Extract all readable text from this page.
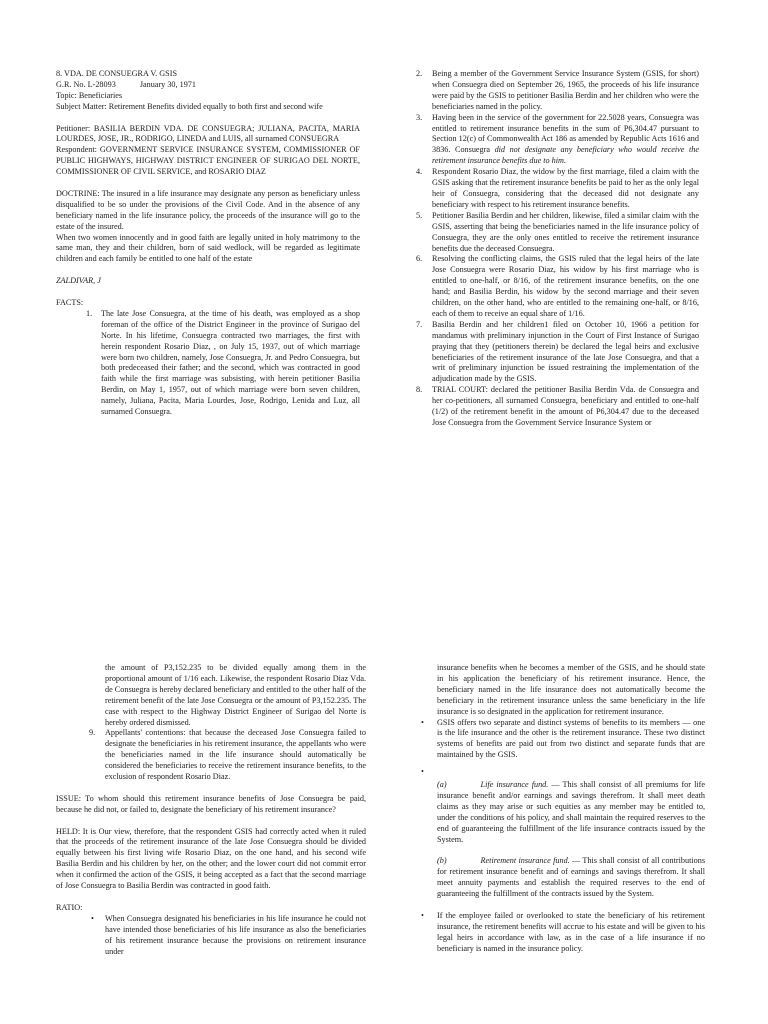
8. VDA. DE CONSUEGRA V. GSIS

G.R. No. L-28093	January 30, 1971

Topic: Beneficiaries

Subject Matter: Retirement Benefits divided equally to both first and second wife

Petitioner: BASILIA BERDIN VDA. DE CONSUEGRA; JULIANA, PACITA, MARIA LOURDES, JOSE, JR., RODRIGO, LINEDA and LUIS, all surnamed CONSUEGRA

Respondent: GOVERNMENT SERVICE INSURANCE SYSTEM, COMMISSIONER OF PUBLIC HIGHWAYS, HIGHWAY DISTRICT ENGINEER OF SURIGAO DEL NORTE, COMMISSIONER OF CIVIL SERVICE, and ROSARIO DIAZ

DOCTRINE: The insured in a life insurance may designate any person as beneficiary unless disqualified to be so under the provisions of the Civil Code. And in the absence of any beneficiary named in the life insurance policy, the proceeds of the insurance will go to the estate of the insured.

When two women innocently and in good faith are legally united in holy matrimony to the same man, they and their children, born of said wedlock, will be regarded as legitimate children and each family be entitled to one half of the estate

ZALDIVAR, J

FACTS:

1. The late Jose Consuegra, at the time of his death, was employed as a shop foreman of the office of the District Engineer in the province of Surigao del Norte. In his lifetime, Consuegra contracted two marriages, the first with herein respondent Rosario Diaz, , on July 15, 1937, out of which marriage were born two children, namely, Jose Consuegra, Jr. and Pedro Consuegra, but both predeceased their father; and the second, which was contracted in good faith while the first marriage was subsisting, with herein petitioner Basilia Berdin, on May 1, 1957, out of which marriage were born seven children, namely, Juliana, Pacita, Maria Lourdes, Jose, Rodrigo, Lenida and Luz, all surnamed Consuegra.
2. Being a member of the Government Service Insurance System (GSIS, for short) when Consuegra died on September 26, 1965, the proceeds of his life insurance were paid by the GSIS to petitioner Basilia Berdin and her children who were the beneficiaries named in the policy.
3. Having been in the service of the government for 22.5028 years, Consuegra was entitled to retirement insurance benefits in the sum of P6,304.47 pursuant to Section 12(c) of Commonwealth Act 186 as amended by Republic Acts 1616 and 3836. Consuegra did not designate any beneficiary who would receive the retirement insurance benefits due to him.
4. Respondent Rosario Diaz, the widow by the first marriage, filed a claim with the GSIS asking that the retirement insurance benefits be paid to her as the only legal heir of Consuegra, considering that the deceased did not designate any beneficiary with respect to his retirement insurance benefits.
5. Petitioner Basilia Berdin and her children, likewise, filed a similar claim with the GSIS, asserting that being the beneficiaries named in the life insurance policy of Consuegra, they are the only ones entitled to receive the retirement insurance benefits due the deceased Consuegra.
6. Resolving the conflicting claims, the GSIS ruled that the legal heirs of the late Jose Consuegra were Rosario Diaz, his widow by his first marriage who is entitled to one-half, or 8/16, of the retirement insurance benefits, on the one hand; and Basilia Berdin, his widow by the second marriage and their seven children, on the other hand, who are entitled to the remaining one-half, or 8/16, each of them to receive an equal share of 1/16.
7. Basilia Berdin and her children1 filed on October 10, 1966 a petition for mandamus with preliminary injunction in the Court of First Instance of Surigao praying that they (petitioners therein) be declared the legal heirs and exclusive beneficiaries of the retirement insurance of the late Jose Consuegra, and that a writ of preliminary injunction be issued restraining the implementation of the adjudication made by the GSIS.
8. TRIAL COURT: declared the petitioner Basilia Berdin Vda. de Consuegra and her co-petitioners, all surnamed Consuegra, beneficiary and entitled to one-half (1/2) of the retirement benefit in the amount of P6,304.47 due to the deceased Jose Consuegra from the Government Service Insurance System or

the amount of P3,152.235 to be divided equally among them in the proportional amount of 1/16 each. Likewise, the respondent Rosario Diaz Vda. de Consuegra is hereby declared beneficiary and entitled to the other half of the retirement benefit of the late Jose Consuegra or the amount of P3,152.235. The case with respect to the Highway District Engineer of Surigao del Norte is hereby ordered dismissed.

9. Appellants' contentions: that because the deceased Jose Consuegra failed to designate the beneficiaries in his retirement insurance, the appellants who were the beneficiaries named in the life insurance should automatically be considered the beneficiaries to receive the retirement insurance benefits, to the exclusion of respondent Rosario Diaz.

ISSUE: To whom should this retirement insurance benefits of Jose Consuegra be paid, because he did not, or failed to, designate the beneficiary of his retirement insurance?

HELD: It is Our view, therefore, that the respondent GSIS had correctly acted when it ruled that the proceeds of the retirement insurance of the late Jose Consuegra should be divided equally between his first living wife Rosario Diaz, on the one hand, and his second wife Basilia Berdin and his children by her, on the other; and the lower court did not commit error when it confirmed the action of the GSIS, it being accepted as a fact that the second marriage of Jose Consuegra to Basilia Berdin was contracted in good faith.

RATIO:

• When Consuegra designated his beneficiaries in his life insurance he could not have intended those beneficiaries of his life insurance as also the beneficiaries of his retirement insurance because the provisions on retirement insurance under

insurance benefits when he becomes a member of the GSIS, and he should state in his application the beneficiary of his retirement insurance. Hence, the beneficiary named in the life insurance does not automatically become the beneficiary in the retirement insurance unless the same beneficiary in the life insurance is so designated in the application for retirement insurance.

• GSIS offers two separate and distinct systems of benefits to its members — one is the life insurance and the other is the retirement insurance. These two distinct systems of benefits are paid out from two distinct and separate funds that are maintained by the GSIS.
•

(a)	Life insurance fund. — This shall consist of all premiums for life insurance benefit and/or earnings and savings therefrom. It shall meet death claims as they may arise or such equities as any member may be entitled to, under the conditions of his policy, and shall maintain the required reserves to the end of guaranteeing the fulfillment of the life insurance contracts issued by the System.
(b)	Retirement insurance fund. — This shall consist of all contributions for retirement insurance benefit and of earnings and savings therefrom. It shall meet annuity payments and establish the required reserves to the end of guaranteeing the fulfillment of the contracts issued by the System.
• If the employee failed or overlooked to state the beneficiary of his retirement insurance, the retirement benefits will accrue to his estate and will be given to his legal heirs in accordance with law, as in the case of a life insurance if no beneficiary is named in the insurance policy.
